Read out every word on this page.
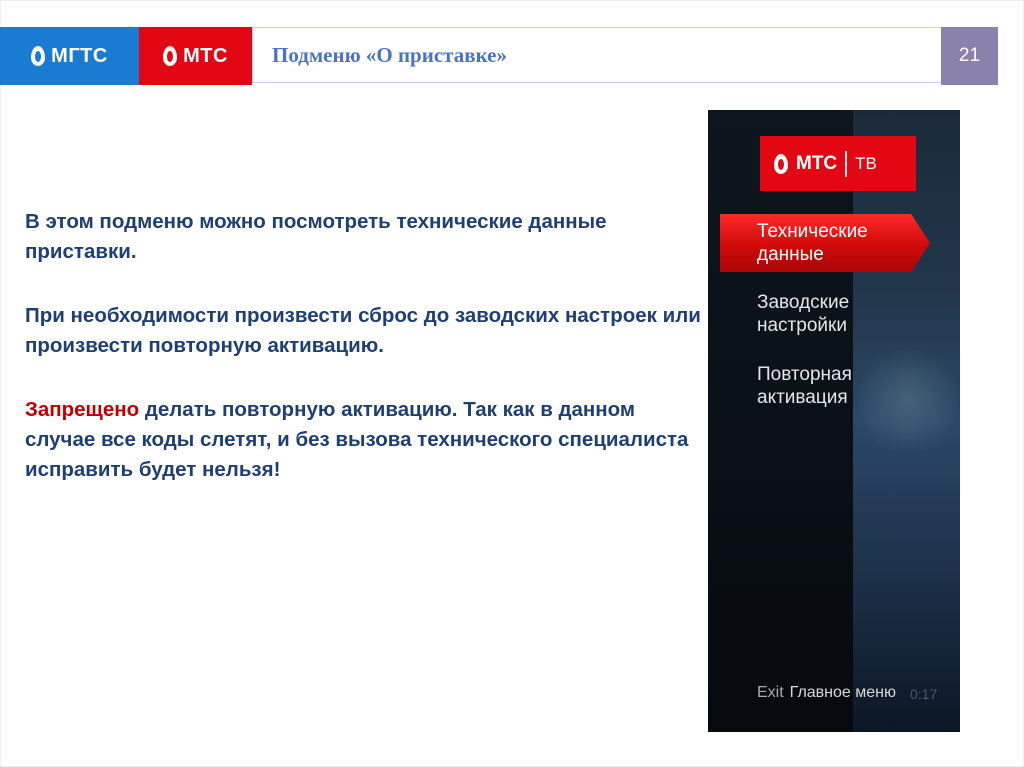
МГТС	МТС Подменю «О приставке»	21

В этом подменю можно посмотреть технические данные приставки.

При необходимости произвести сброс до заводских настроек или произвести повторную активацию.

Запрещено делать повторную активацию. Так как в данном случае все коды слетят, и без вызова технического специалиста исправить будет нельзя!

МТС ТВ
Технические
данные
Заводские
настройки
Повторная
активация
Exit Главное меню 0:17
